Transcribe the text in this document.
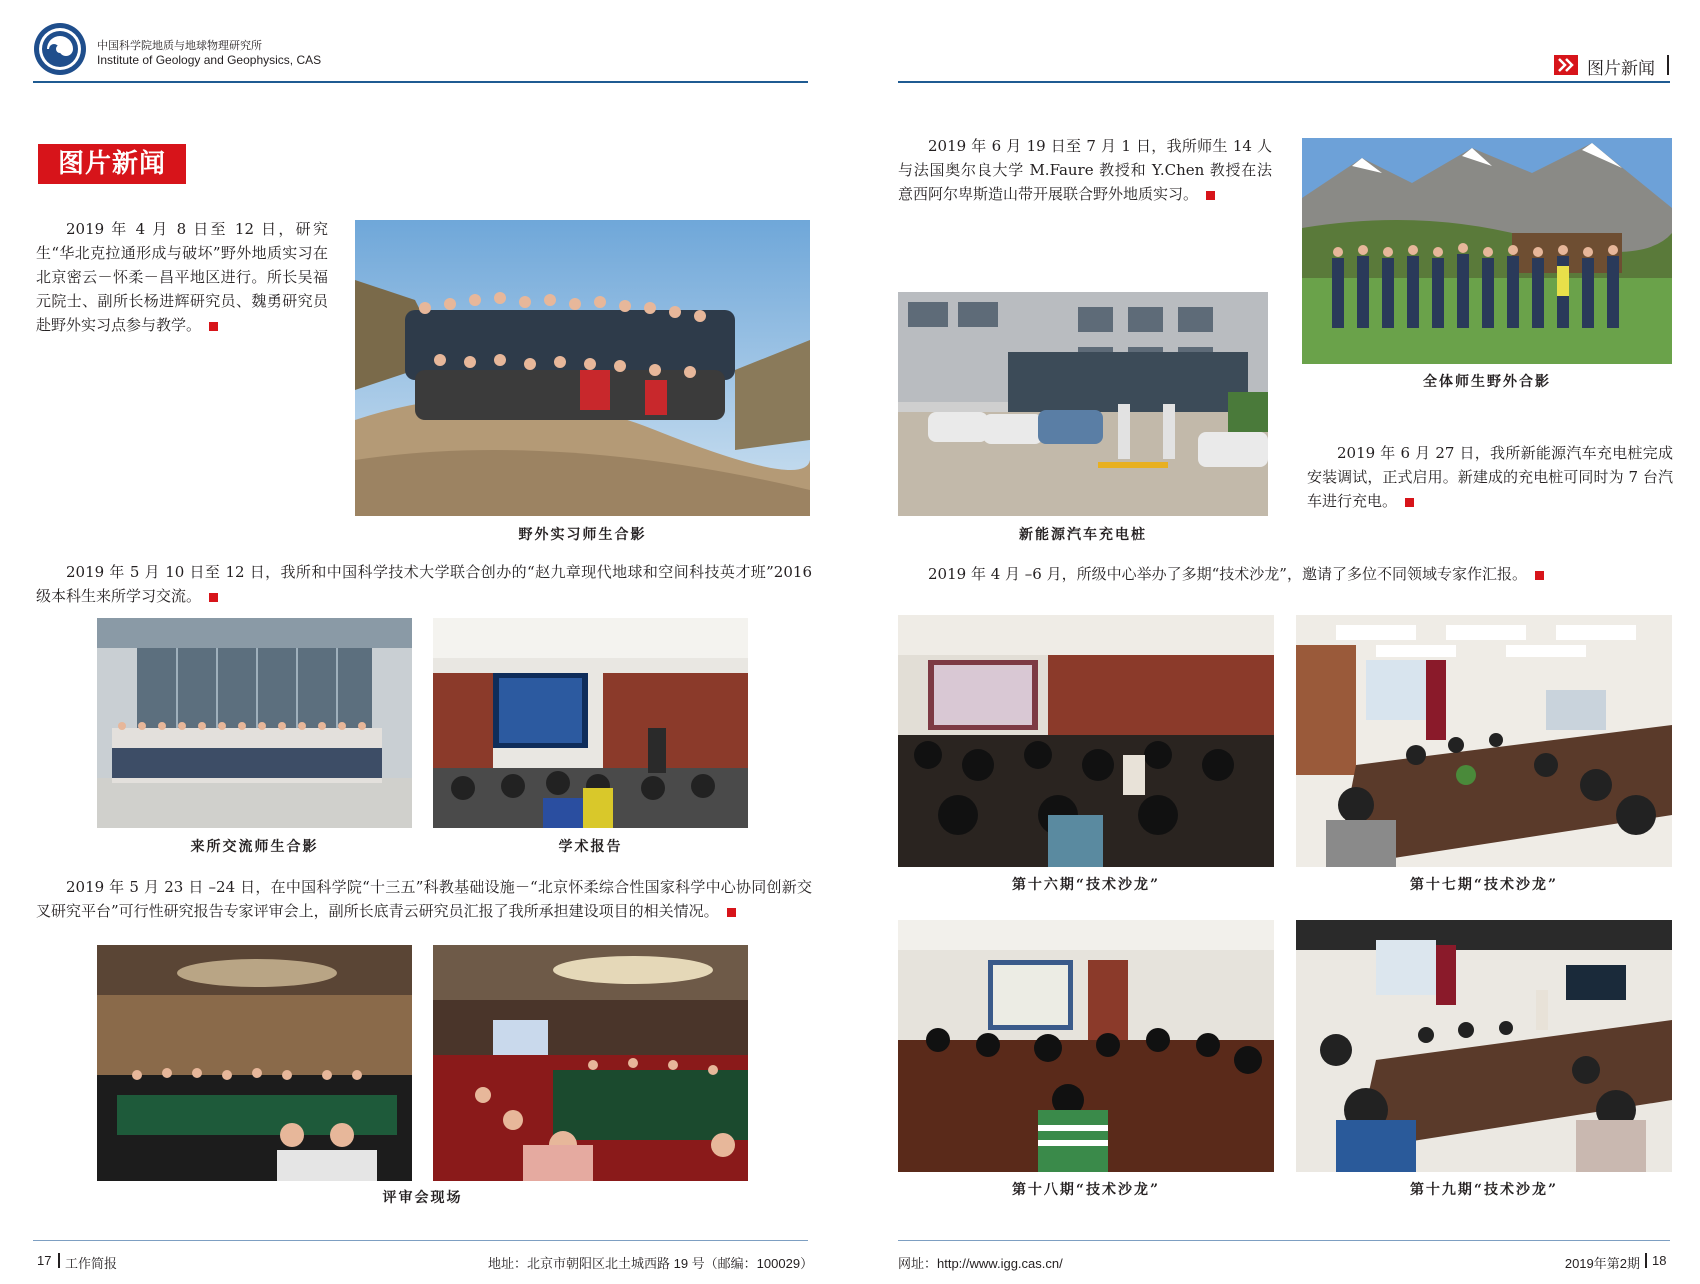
中国科学院地质与地球物理研究所
Institute of Geology and Geophysics, CAS
图片新闻
2019 年 4 月 8 日至 12 日，研究生“华北克拉通形成与破坏”野外地质实习在北京密云－怀柔－昌平地区进行。所长吴福元院士、副所长杨进辉研究员、魏勇研究员赴野外实习点参与教学。
野外实习师生合影
2019 年 5 月 10 日至 12 日，我所和中国科学技术大学联合创办的“赵九章现代地球和空间科技英才班”2016 级本科生来所学习交流。
来所交流师生合影	学术报告
2019 年 5 月 23 日 –24 日，在中国科学院“十三五”科教基础设施－“北京怀柔综合性国家科学中心协同创新交叉研究平台”可行性研究报告专家评审会上，副所长底青云研究员汇报了我所承担建设项目的相关情况。
评审会现场
17 工作简报	地址：北京市朝阳区北土城西路 19 号（邮编：100029）
图片新闻
2019 年 6 月 19 日至 7 月 1 日，我所师生 14 人与法国奥尔良大学 M.Faure 教授和 Y.Chen 教授在法意西阿尔卑斯造山带开展联合野外地质实习。
全体师生野外合影
新能源汽车充电桩
2019 年 6 月 27 日，我所新能源汽车充电桩完成安装调试，正式启用。新建成的充电桩可同时为 7 台汽车进行充电。
2019 年 4 月 –6 月，所级中心举办了多期“技术沙龙”，邀请了多位不同领域专家作汇报。
第十六期“技术沙龙”	第十七期“技术沙龙”
第十八期“技术沙龙”	第十九期“技术沙龙”
网址：http://www.igg.cas.cn/	2019年第2期 18
